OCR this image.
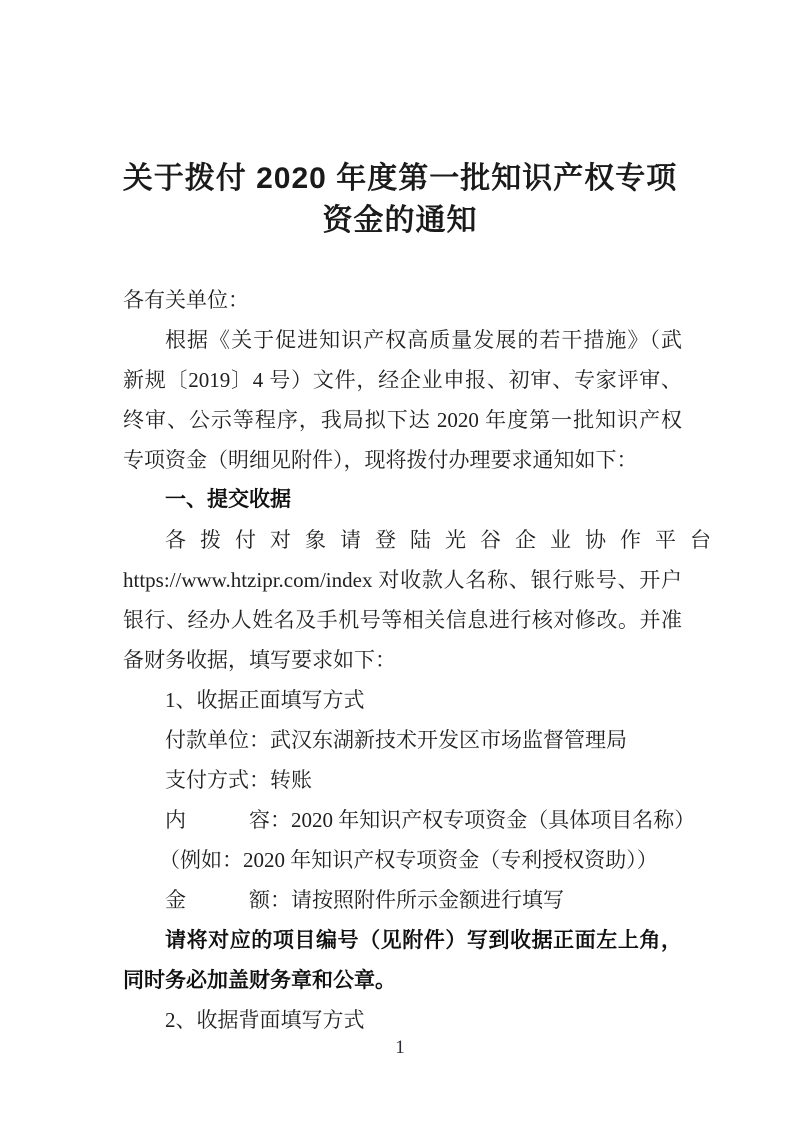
关于拨付 2020 年度第一批知识产权专项
资金的通知
各有关单位：
根据《关于促进知识产权高质量发展的若干措施》（武
新规〔2019〕4 号）文件，经企业申报、初审、专家评审、
终审、公示等程序，我局拟下达 2020 年度第一批知识产权
专项资金（明细见附件），现将拨付办理要求通知如下：
一、提交收据
各拨付对象请登陆光谷企业协作平台
https://www.htzipr.com/index 对收款人名称、银行账号、开户
银行、经办人姓名及手机号等相关信息进行核对修改。并准
备财务收据，填写要求如下：
1、收据正面填写方式
付款单位：武汉东湖新技术开发区市场监督管理局
支付方式：转账
内　　　容：2020 年知识产权专项资金（具体项目名称）
（例如：2020 年知识产权专项资金（专利授权资助））
金　　　额：请按照附件所示金额进行填写
请将对应的项目编号（见附件）写到收据正面左上角，
同时务必加盖财务章和公章。
2、收据背面填写方式
1
